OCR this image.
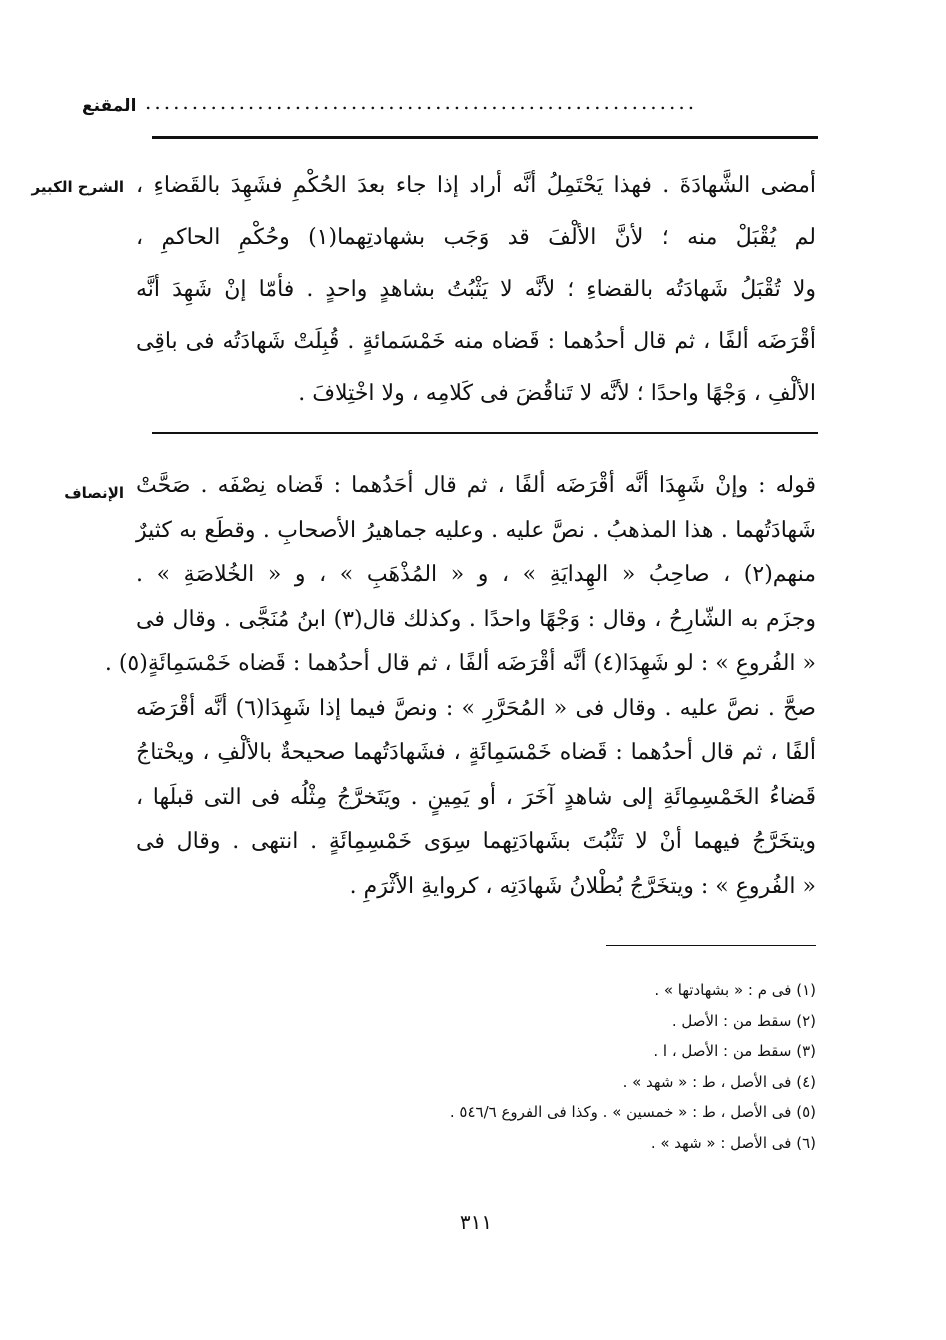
المقنع ...........................................................
الشرح الكبير أمضى الشَّهادَةَ . فهذا يَحْتَمِلُ أنَّه أراد إذا جاء بعدَ الحُكْمِ فشَهِدَ بالقَضاءِ ،
لم يُقْبَلْ منه ؛ لأنَّ الألْفَ قد وَجَب بشهادتِهما(١) وحُكْمِ الحاكمِ ،
ولا تُقْبَلُ شَهادَتُه بالقضاءِ ؛ لأنَّه لا يَثْبُتُ بشاهدٍ واحدٍ . فأمّا إنْ شَهِدَ أنَّه
أقْرَضَه ألفًا ، ثم قال أحدُهما : قَضاه منه خَمْسَمائةٍ . قُبِلَتْ شَهادَتُه فى باقِى
الألْفِ ، وَجْهًا واحدًا ؛ لأنَّه لا تَناقُضَ فى كَلامِه ، ولا اخْتِلافَ .
الإنصاف قوله : وإنْ شَهِدَا أنَّه أقْرَضَه ألفًا ، ثم قال أحَدُهما : قَضاه نِصْفَه . صَحَّتْ
شَهادَتُهما . هذا المذهبُ . نصَّ عليه . وعليه جماهيرُ الأصحابِ . وقطَع به كثيرٌ
منهم(٢) ، صاحِبُ « الهِدايَةِ » ، و « المُذْهَبِ » ، و « الخُلاصَةِ » .
وجزَم به الشّارِحُ ، وقال : وَجْهًا واحدًا . وكذلك قال(٣) ابنُ مُنَجَّى . وقال فى
« الفُروعِ » : لو شَهِدَا(٤) أنَّه أقْرَضَه ألفًا ، ثم قال أحدُهما : قَضاه خَمْسَمِائَةٍ(٥) .
صحَّ . نصَّ عليه . وقال فى « المُحَرَّرِ » : ونصَّ فيما إذا شَهِدَا(٦) أنَّه أقْرَضَه
ألفًا ، ثم قال أحدُهما : قَضاه خَمْسَمِائَةٍ ، فشَهادَتُهما صحيحةٌ بالألْفِ ، ويحْتاجُ
قَضاءُ الخَمْسِمِائَةِ إلى شاهدٍ آخَرَ ، أو يَمِينٍ . ويَتَخرَّجُ مِثْلُه فى التى قبلَها ،
ويتخَرَّجُ فيهما أنْ لا تَثْبُتَ بشَهادَتِهما سِوَى خَمْسِمِائَةٍ . انتهى . وقال فى
« الفُروعِ » : ويتخَرَّجُ بُطْلانُ شَهادَتِه ، كروايةِ الأثْرَمِ .
(١) فى م : « بشهادتها » .
(٢) سقط من : الأصل .
(٣) سقط من : الأصل ، ا .
(٤) فى الأصل ، ط : « شهد » .
(٥) فى الأصل ، ط : « خمسين » . وكذا فى الفروع ٥٤٦/٦ .
(٦) فى الأصل : « شهد » .
٣١١
